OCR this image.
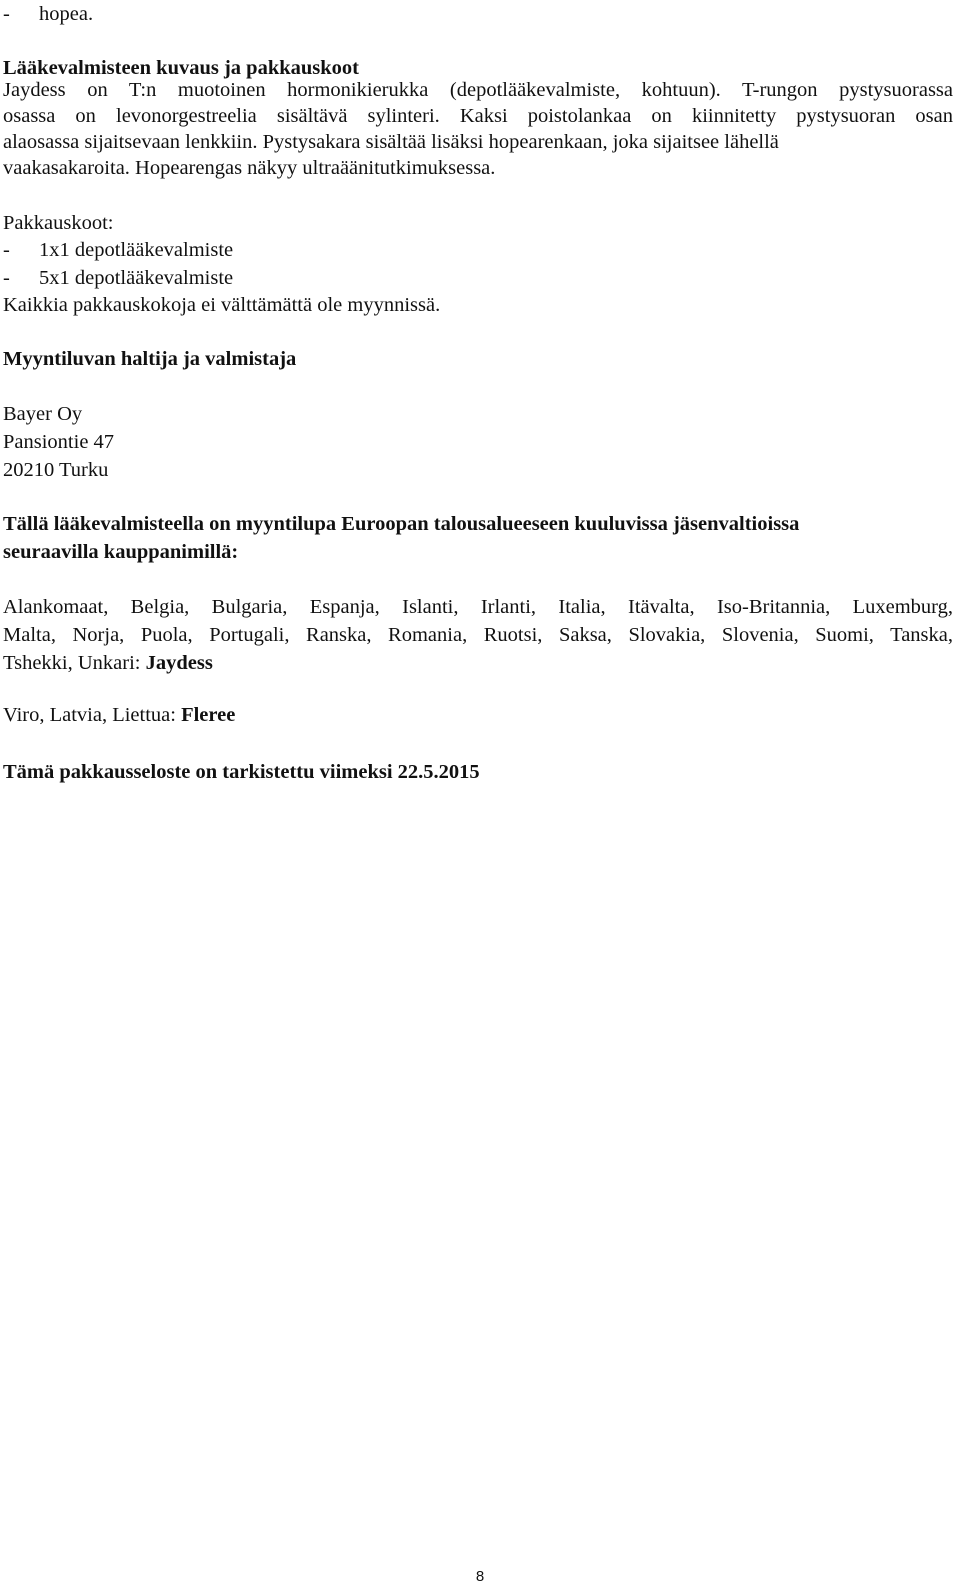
- hopea.
Lääkevalmisteen kuvaus ja pakkauskoot
Jaydess on T:n muotoinen hormonikierukka (depotlääkevalmiste, kohtuun). T-rungon pystysuorassa
osassa on levonorgestreelia sisältävä sylinteri. Kaksi poistolankaa on kiinnitetty pystysuoran osan
alaosassa sijaitsevaan lenkkiin. Pystysakara sisältää lisäksi hopearenkaan, joka sijaitsee lähellä
vaakasakaroita. Hopearengas näkyy ultraäänitutkimuksessa.
Pakkauskoot:
- 1x1 depotlääkevalmiste
- 5x1 depotlääkevalmiste
Kaikkia pakkauskokoja ei välttämättä ole myynnissä.
Myyntiluvan haltija ja valmistaja
Bayer Oy
Pansiontie 47
20210 Turku
Tällä lääkevalmisteella on myyntilupa Euroopan talousalueeseen kuuluvissa jäsenvaltioissa
seuraavilla kauppanimillä:
Alankomaat, Belgia, Bulgaria, Espanja, Islanti, Irlanti, Italia, Itävalta, Iso-Britannia, Luxemburg,
Malta, Norja, Puola, Portugali, Ranska, Romania, Ruotsi, Saksa, Slovakia, Slovenia, Suomi, Tanska,
Tshekki, Unkari: Jaydess
Viro, Latvia, Liettua: Fleree
Tämä pakkausseloste on tarkistettu viimeksi 22.5.2015
8
